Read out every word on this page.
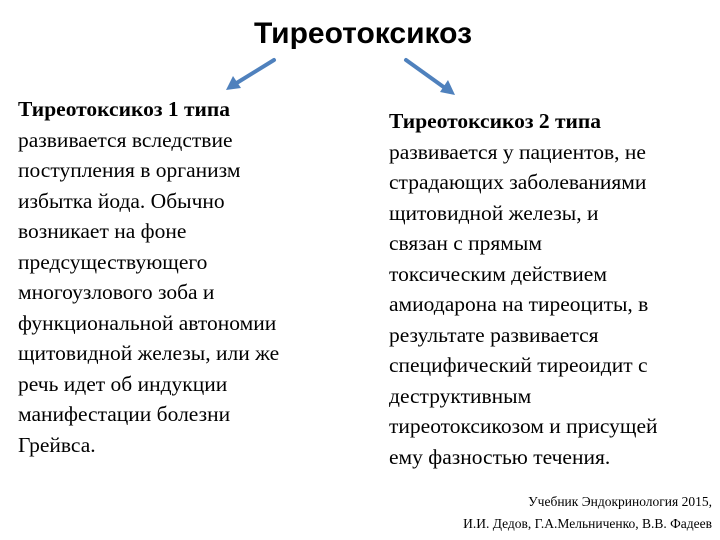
Тиреотоксикоз
Тиреотоксикоз 1 типа
развивается вследствие
поступления в организм
избытка йода. Обычно
возникает на фоне
предсуществующего
многоузлового зоба и
функциональной автономии
щитовидной железы, или же
речь идет об индукции
манифестации болезни
Грейвса.
Тиреотоксикоз 2 типа
развивается у пациентов, не
страдающих заболеваниями
щитовидной железы, и
связан с прямым
токсическим действием
амиодарона на тиреоциты, в
результате развивается
специфический тиреоидит с
деструктивным
тиреотоксикозом и присущей
ему фазностью течения.
Учебник Эндокринология 2015,
И.И. Дедов, Г.А.Мельниченко, В.В. Фадеев
